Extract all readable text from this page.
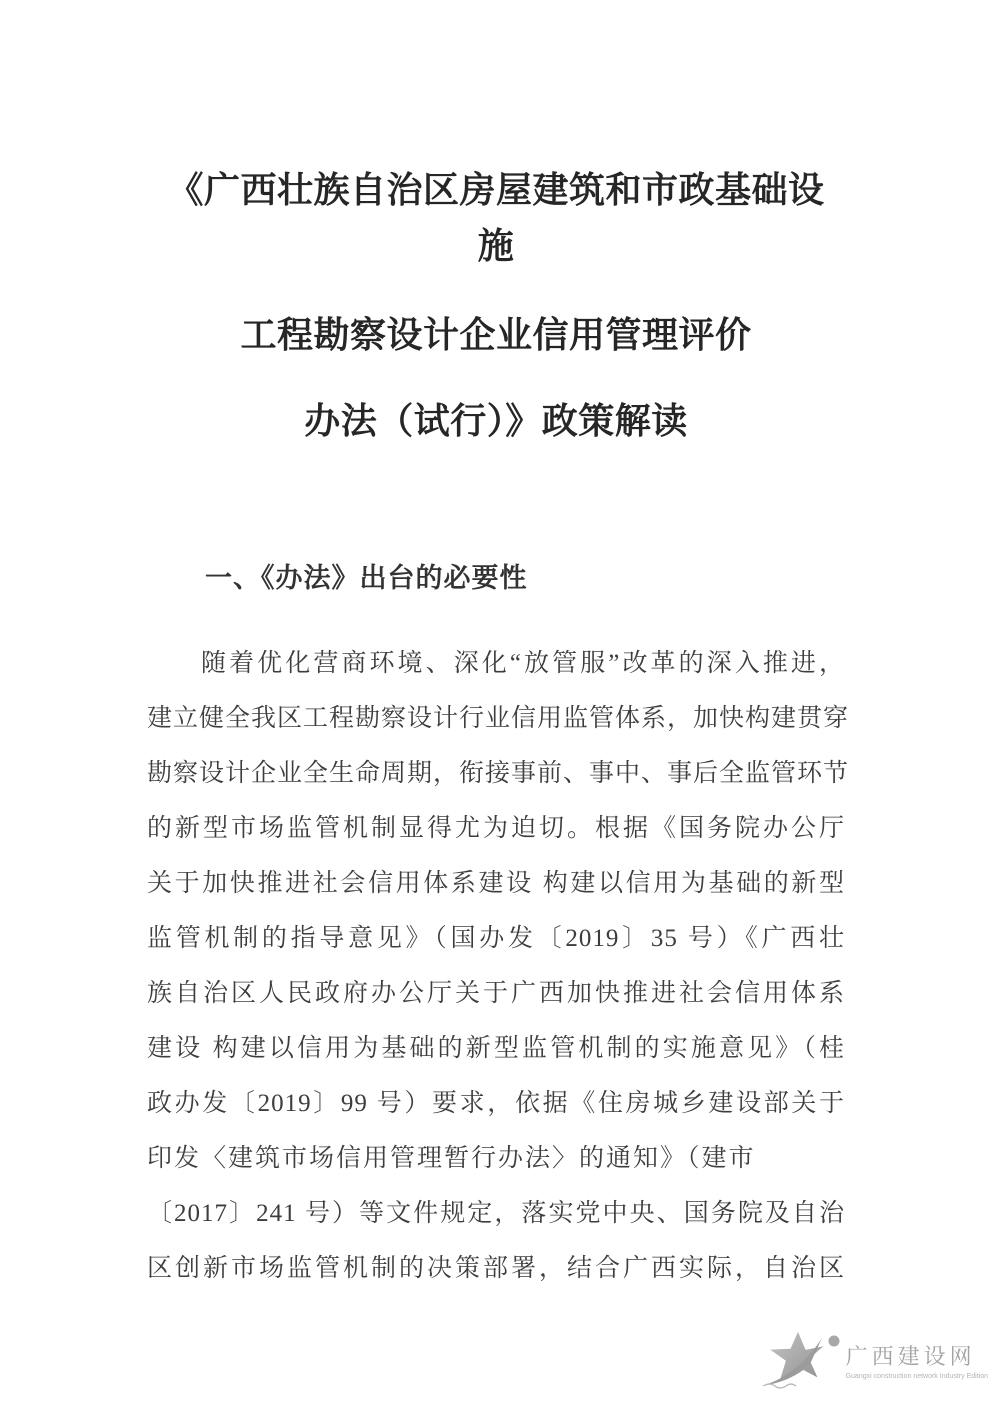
《广西壮族自治区房屋建筑和市政基础设
施
工程勘察设计企业信用管理评价
办法（试行）》政策解读
一、《办法》出台的必要性
随着优化营商环境、深化“放管服”改革的深入推进，
建立健全我区工程勘察设计行业信用监管体系，加快构建贯穿
勘察设计企业全生命周期，衔接事前、事中、事后全监管环节
的新型市场监管机制显得尤为迫切。根据《国务院办公厅
关于加快推进社会信用体系建设 构建以信用为基础的新型
监管机制的指导意见》（国办发〔2019〕35 号）《广西壮
族自治区人民政府办公厅关于广西加快推进社会信用体系
建设 构建以信用为基础的新型监管机制的实施意见》（桂
政办发〔2019〕99 号）要求，依据《住房城乡建设部关于
印发〈建筑市场信用管理暂行办法〉的通知》（建市
〔2017〕241 号）等文件规定，落实党中央、国务院及自治
区创新市场监管机制的决策部署，结合广西实际，自治区
广西建设网
Guangxi construction network Industry Edition
